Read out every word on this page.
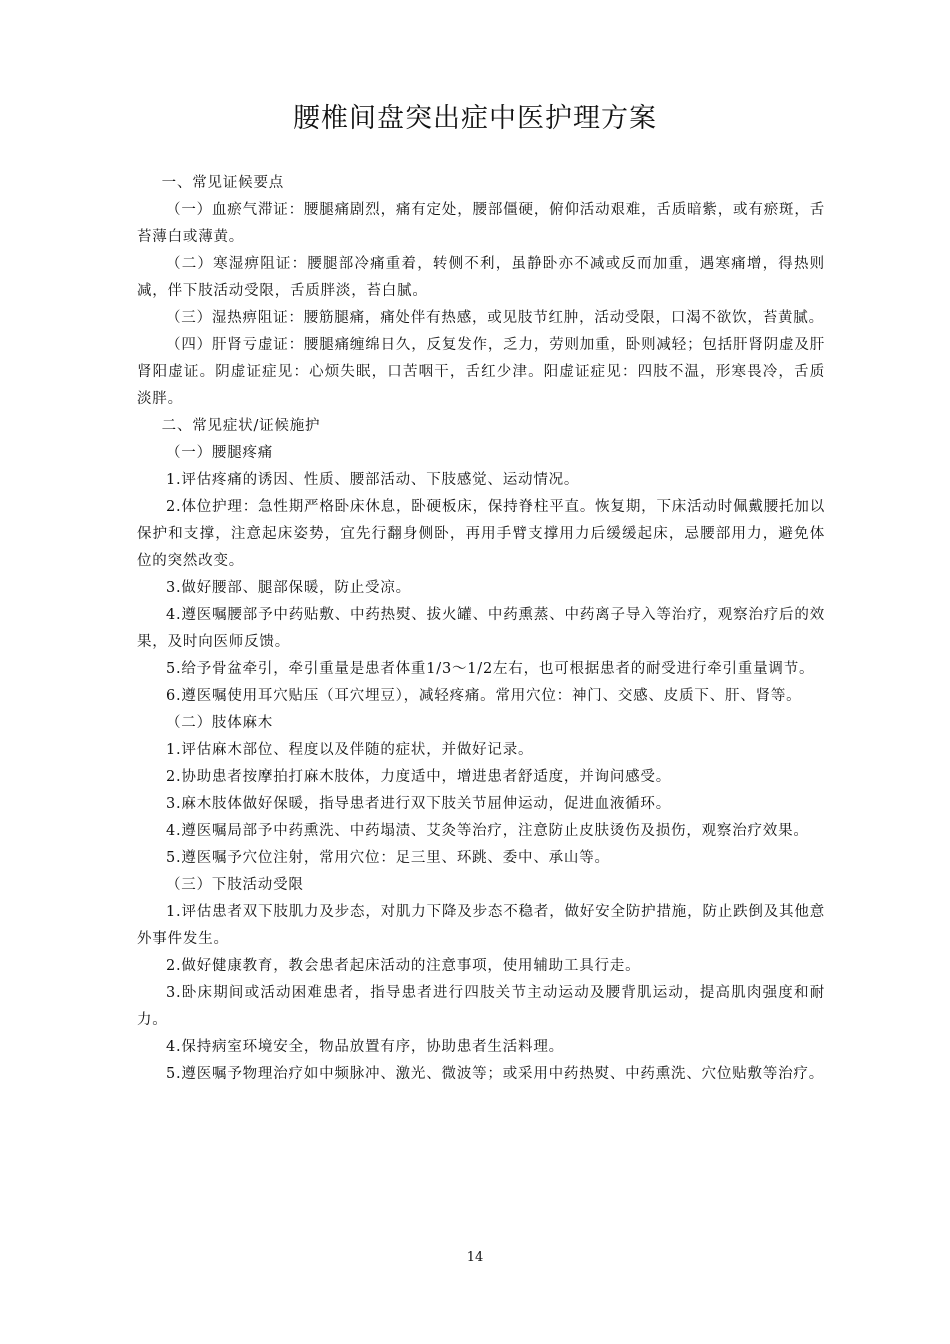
腰椎间盘突出症中医护理方案

一、常见证候要点

（一）血瘀气滞证：腰腿痛剧烈，痛有定处，腰部僵硬，俯仰活动艰难，舌质暗紫，或有瘀斑，舌苔薄白或薄黄。

（二）寒湿痹阻证：腰腿部冷痛重着，转侧不利，虽静卧亦不减或反而加重，遇寒痛增，得热则减，伴下肢活动受限，舌质胖淡，苔白腻。

（三）湿热痹阻证：腰筋腿痛，痛处伴有热感，或见肢节红肿，活动受限，口渴不欲饮，苔黄腻。

（四）肝肾亏虚证：腰腿痛缠绵日久，反复发作，乏力，劳则加重，卧则减轻；包括肝肾阴虚及肝肾阳虚证。阴虚证症见：心烦失眠，口苦咽干，舌红少津。阳虚证症见：四肢不温，形寒畏冷，舌质淡胖。

二、常见症状/证候施护

（一）腰腿疼痛

1.评估疼痛的诱因、性质、腰部活动、下肢感觉、运动情况。

2.体位护理：急性期严格卧床休息，卧硬板床，保持脊柱平直。恢复期，下床活动时佩戴腰托加以保护和支撑，注意起床姿势，宜先行翻身侧卧，再用手臂支撑用力后缓缓起床，忌腰部用力，避免体位的突然改变。

3.做好腰部、腿部保暖，防止受凉。

4.遵医嘱腰部予中药贴敷、中药热熨、拔火罐、中药熏蒸、中药离子导入等治疗，观察治疗后的效果，及时向医师反馈。

5.给予骨盆牵引，牵引重量是患者体重1/3～1/2左右，也可根据患者的耐受进行牵引重量调节。

6.遵医嘱使用耳穴贴压（耳穴埋豆），减轻疼痛。常用穴位：神门、交感、皮质下、肝、肾等。

（二）肢体麻木

1.评估麻木部位、程度以及伴随的症状，并做好记录。

2.协助患者按摩拍打麻木肢体，力度适中，增进患者舒适度，并询问感受。

3.麻木肢体做好保暖，指导患者进行双下肢关节屈伸运动，促进血液循环。

4.遵医嘱局部予中药熏洗、中药塌渍、艾灸等治疗，注意防止皮肤烫伤及损伤，观察治疗效果。

5.遵医嘱予穴位注射，常用穴位：足三里、环跳、委中、承山等。

（三）下肢活动受限

1.评估患者双下肢肌力及步态，对肌力下降及步态不稳者，做好安全防护措施，防止跌倒及其他意外事件发生。

2.做好健康教育，教会患者起床活动的注意事项，使用辅助工具行走。

3.卧床期间或活动困难患者，指导患者进行四肢关节主动运动及腰背肌运动，提高肌肉强度和耐力。

4.保持病室环境安全，物品放置有序，协助患者生活料理。

5.遵医嘱予物理治疗如中频脉冲、激光、微波等；或采用中药热熨、中药熏洗、穴位贴敷等治疗。

14
